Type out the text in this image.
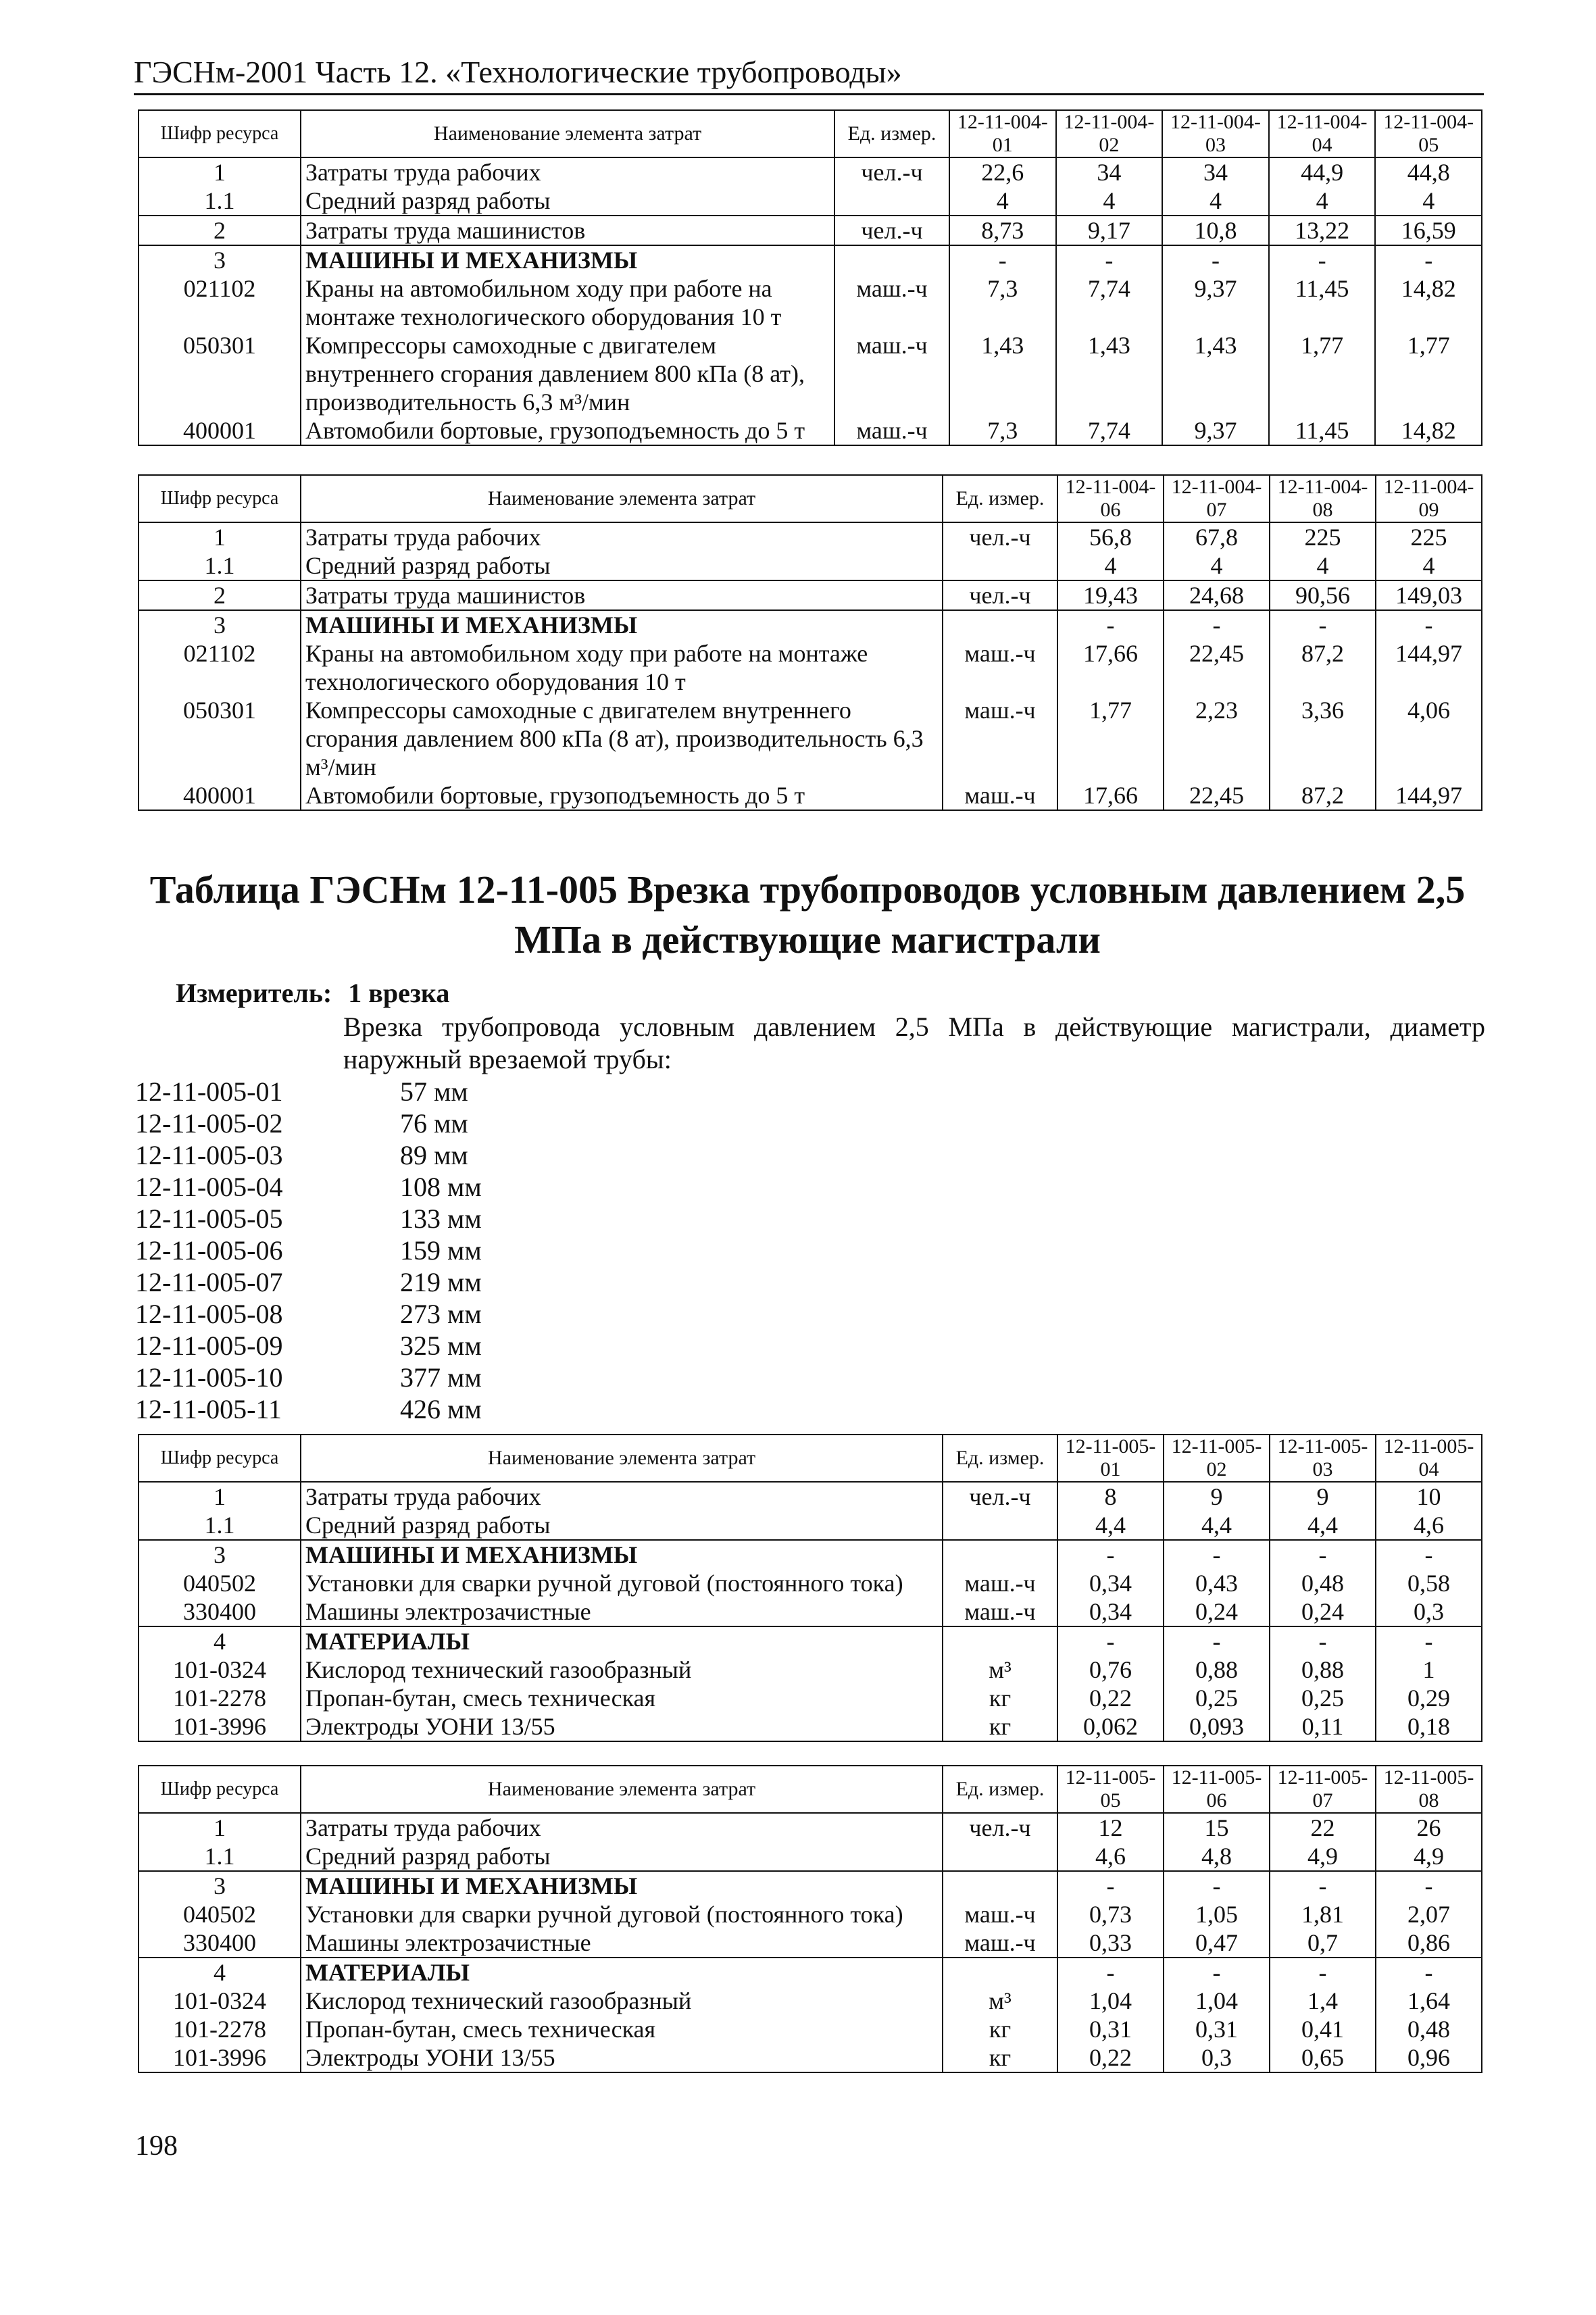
ГЭСНм-2001 Часть 12. «Технологические трубопроводы»
Шифр ресурса	Наименование элемента затрат	Ед. измер.	12-11-004-01	12-11-004-02	12-11-004-03	12-11-004-04	12-11-004-05
1	Затраты труда рабочих	чел.-ч	22,6	34	34	44,9	44,8
1.1	Средний разряд работы		4	4	4	4	4
2	Затраты труда машинистов	чел.-ч	8,73	9,17	10,8	13,22	16,59
3	МАШИНЫ И МЕХАНИЗМЫ		-	-	-	-	-
021102	Краны на автомобильном ходу при работе на монтаже технологического оборудования 10 т	маш.-ч	7,3	7,74	9,37	11,45	14,82
050301	Компрессоры самоходные с двигателем внутреннего сгорания давлением 800 кПа (8 ат), производительность 6,3 м³/мин	маш.-ч	1,43	1,43	1,43	1,77	1,77
400001	Автомобили бортовые, грузоподъемность до 5 т	маш.-ч	7,3	7,74	9,37	11,45	14,82
Шифр ресурса	Наименование элемента затрат	Ед. измер.	12-11-004-06	12-11-004-07	12-11-004-08	12-11-004-09
1	Затраты труда рабочих	чел.-ч	56,8	67,8	225	225
1.1	Средний разряд работы		4	4	4	4
2	Затраты труда машинистов	чел.-ч	19,43	24,68	90,56	149,03
3	МАШИНЫ И МЕХАНИЗМЫ		-	-	-	-
021102	Краны на автомобильном ходу при работе на монтаже технологического оборудования 10 т	маш.-ч	17,66	22,45	87,2	144,97
050301	Компрессоры самоходные с двигателем внутреннего сгорания давлением 800 кПа (8 ат), производительность 6,3 м³/мин	маш.-ч	1,77	2,23	3,36	4,06
400001	Автомобили бортовые, грузоподъемность до 5 т	маш.-ч	17,66	22,45	87,2	144,97
Таблица ГЭСНм 12-11-005 Врезка трубопроводов условным давлением 2,5 МПа в действующие магистрали
Измеритель: 1 врезка
Врезка трубопровода условным давлением 2,5 МПа в действующие магистрали, диаметр наружный врезаемой трубы:
12-11-005-01	57 мм
12-11-005-02	76 мм
12-11-005-03	89 мм
12-11-005-04	108 мм
12-11-005-05	133 мм
12-11-005-06	159 мм
12-11-005-07	219 мм
12-11-005-08	273 мм
12-11-005-09	325 мм
12-11-005-10	377 мм
12-11-005-11	426 мм
Шифр ресурса	Наименование элемента затрат	Ед. измер.	12-11-005-01	12-11-005-02	12-11-005-03	12-11-005-04
1	Затраты труда рабочих	чел.-ч	8	9	9	10
1.1	Средний разряд работы		4,4	4,4	4,4	4,6
3	МАШИНЫ И МЕХАНИЗМЫ		-	-	-	-
040502	Установки для сварки ручной дуговой (постоянного тока)	маш.-ч	0,34	0,43	0,48	0,58
330400	Машины электрозачистные	маш.-ч	0,34	0,24	0,24	0,3
4	МАТЕРИАЛЫ		-	-	-	-
101-0324	Кислород технический газообразный	м³	0,76	0,88	0,88	1
101-2278	Пропан-бутан, смесь техническая	кг	0,22	0,25	0,25	0,29
101-3996	Электроды УОНИ 13/55	кг	0,062	0,093	0,11	0,18
Шифр ресурса	Наименование элемента затрат	Ед. измер.	12-11-005-05	12-11-005-06	12-11-005-07	12-11-005-08
1	Затраты труда рабочих	чел.-ч	12	15	22	26
1.1	Средний разряд работы		4,6	4,8	4,9	4,9
3	МАШИНЫ И МЕХАНИЗМЫ		-	-	-	-
040502	Установки для сварки ручной дуговой (постоянного тока)	маш.-ч	0,73	1,05	1,81	2,07
330400	Машины электрозачистные	маш.-ч	0,33	0,47	0,7	0,86
4	МАТЕРИАЛЫ		-	-	-	-
101-0324	Кислород технический газообразный	м³	1,04	1,04	1,4	1,64
101-2278	Пропан-бутан, смесь техническая	кг	0,31	0,31	0,41	0,48
101-3996	Электроды УОНИ 13/55	кг	0,22	0,3	0,65	0,96
198
